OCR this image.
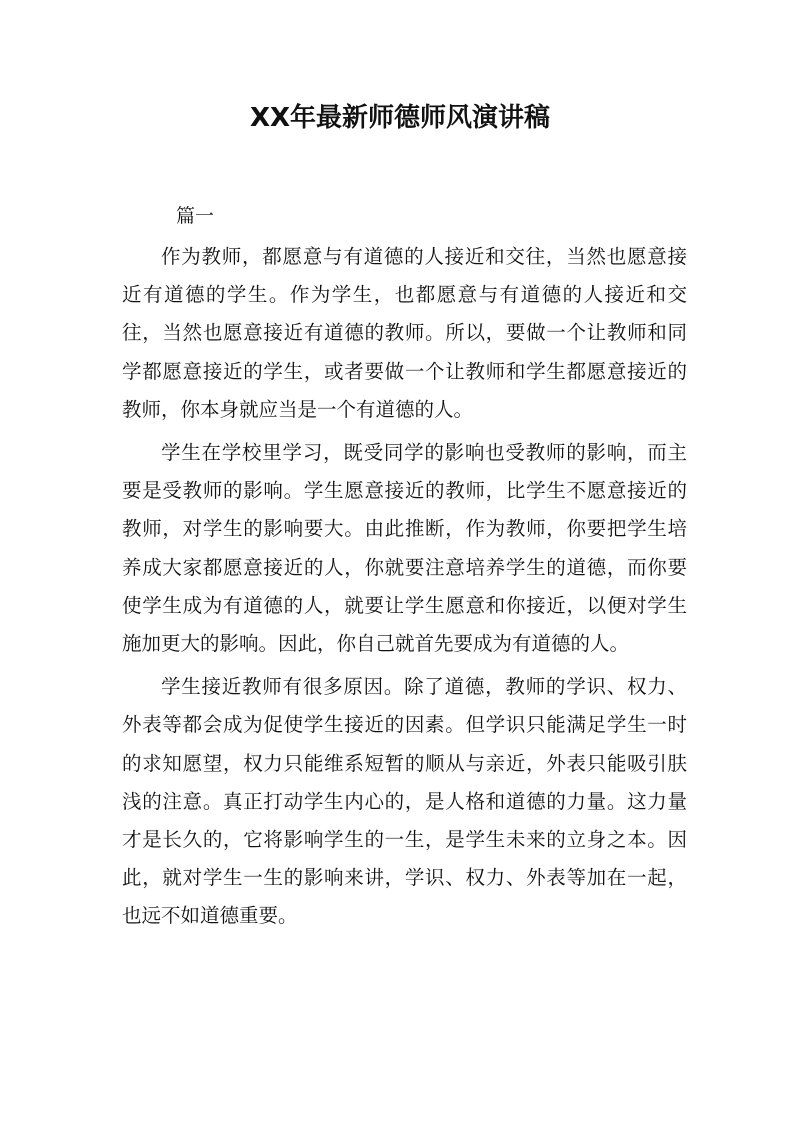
XX年最新师德师风演讲稿
篇一

作为教师，都愿意与有道德的人接近和交往，当然也愿意接近有道德的学生。作为学生，也都愿意与有道德的人接近和交往，当然也愿意接近有道德的教师。所以，要做一个让教师和同学都愿意接近的学生，或者要做一个让教师和学生都愿意接近的教师，你本身就应当是一个有道德的人。

学生在学校里学习，既受同学的影响也受教师的影响，而主要是受教师的影响。学生愿意接近的教师，比学生不愿意接近的教师，对学生的影响要大。由此推断，作为教师，你要把学生培养成大家都愿意接近的人，你就要注意培养学生的道德，而你要使学生成为有道德的人，就要让学生愿意和你接近，以便对学生施加更大的影响。因此，你自己就首先要成为有道德的人。

学生接近教师有很多原因。除了道德，教师的学识、权力、外表等都会成为促使学生接近的因素。但学识只能满足学生一时的求知愿望，权力只能维系短暂的顺从与亲近，外表只能吸引肤浅的注意。真正打动学生内心的，是人格和道德的力量。这力量才是长久的，它将影响学生的一生，是学生未来的立身之本。因此，就对学生一生的影响来讲，学识、权力、外表等加在一起，也远不如道德重要。
